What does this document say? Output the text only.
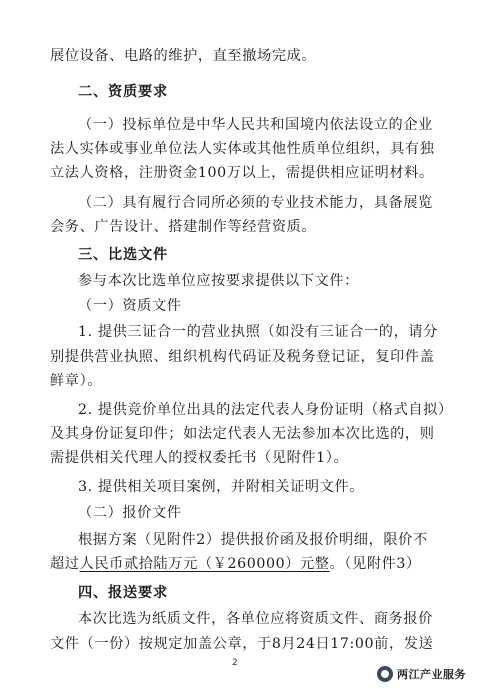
展位设备、电路的维护，直至撤场完成。
二、资质要求
（一）投标单位是中华人民共和国境内依法设立的企业
法人实体或事业单位法人实体或其他性质单位组织，具有独
立法人资格，注册资金100万以上，需提供相应证明材料。
（二）具有履行合同所必须的专业技术能力，具备展览
会务、广告设计、搭建制作等经营资质。
三、比选文件
参与本次比选单位应按要求提供以下文件：
（一）资质文件
1. 提供三证合一的营业执照（如没有三证合一的，请分
别提供营业执照、组织机构代码证及税务登记证，复印件盖
鲜章）。
2. 提供竞价单位出具的法定代表人身份证明（格式自拟）
及其身份证复印件；如法定代表人无法参加本次比选的，则
需提供相关代理人的授权委托书（见附件1）。
3. 提供相关项目案例，并附相关证明文件。
（二）报价文件
根据方案（见附件2）提供报价函及报价明细，限价不
超过人民币贰拾陆万元（￥260000）元整。（见附件3）
四、报送要求
本次比选为纸质文件，各单位应将资质文件、商务报价
文件（一份）按规定加盖公章，于8月24日17:00前，发送
2
两江产业服务
